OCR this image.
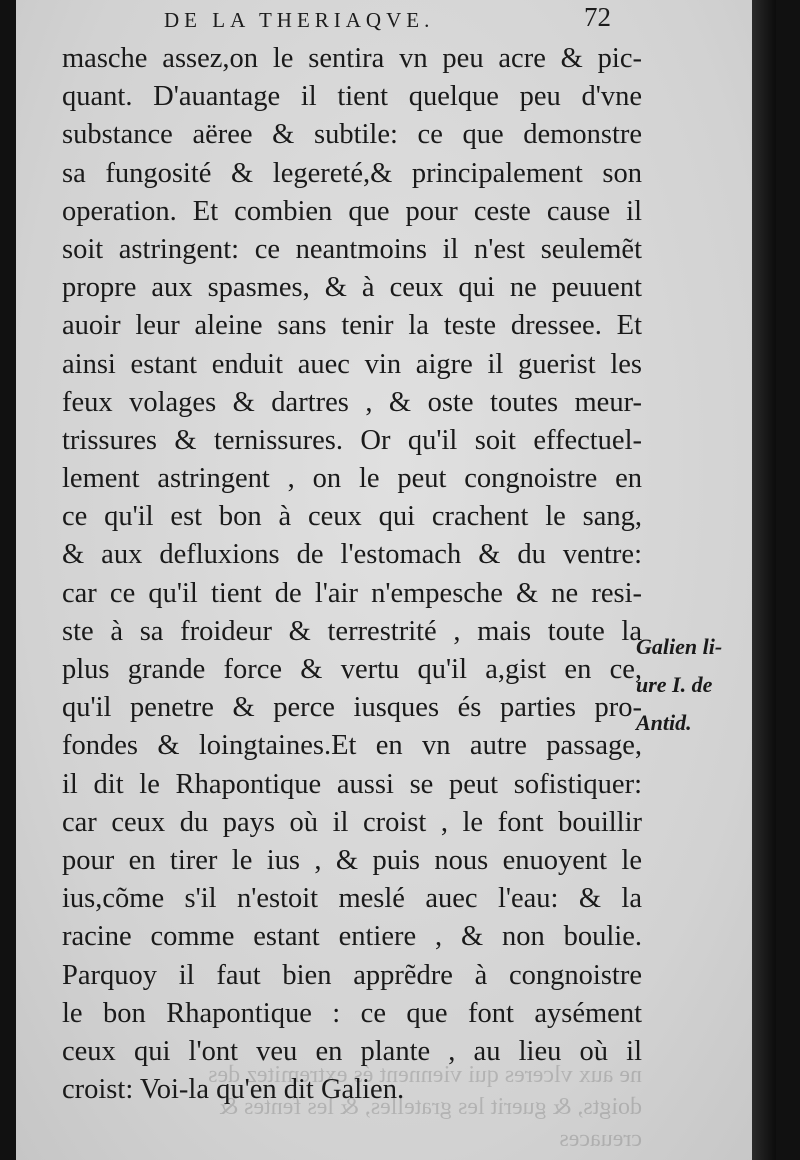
DE LA THERIAQVE.	72
masche assez,on le sentira vn peu acre & pic-
quant. D'auantage il tient quelque peu d'vne
substance aëree & subtile: ce que demonstre
sa fungosité & legereté,& principalement son
operation. Et combien que pour ceste cause il
soit astringent: ce neantmoins il n'est seulemẽt
propre aux spasmes, & à ceux qui ne peuuent
auoir leur aleine sans tenir la teste dressee. Et
ainsi estant enduit auec vin aigre il guerist les
feux volages & dartres , & oste toutes meur-
trissures & ternissures. Or qu'il soit effectuel-
lement astringent , on le peut congnoistre en
ce qu'il est bon à ceux qui crachent le sang,
& aux defluxions de l'estomach & du ventre:
car ce qu'il tient de l'air n'empesche & ne resi-
ste à sa froideur & terrestrité , mais toute la
plus grande force & vertu qu'il a,gist en ce,
qu'il penetre & perce iusques és parties pro-
fondes & loingtaines.Et en vn autre passage,
il dit le Rhapontique aussi se peut sofistiquer:
car ceux du pays où il croist , le font bouillir
pour en tirer le ius , & puis nous enuoyent le
ius,cõme s'il n'estoit meslé auec l'eau: & la
racine comme estant entiere , & non boulie.
Parquoy il faut bien apprẽdre à congnoistre
le bon Rhapontique : ce que font aysément
ceux qui l'ont veu en plante , au lieu où il
croist: Voi-la qu'en dit Galien.
Galien li-
ure I. de
Antid.
ne aux vlceres qui viennent és extremitez des
doigts, & guerit les gratelles, & les fentes &
creuaces
